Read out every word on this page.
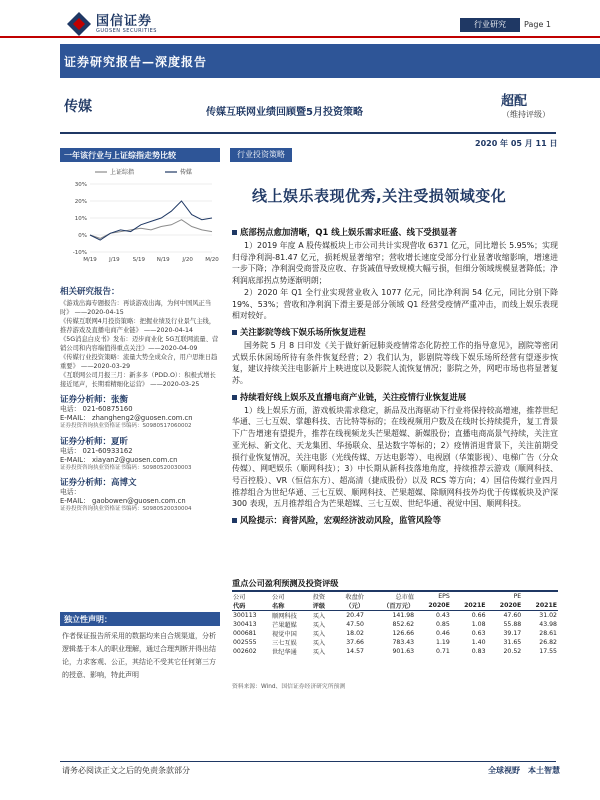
国信证券
GUOSEN SECURITIES
行业研究	Page 1
证券研究报告—深度报告
传媒	传媒互联网业绩回顾暨5月投资策略
超配
（维持评级）
2020 年 05 月 11 日
一年该行业与上证综指走势比较	行业投资策略
上证综指	传媒
30%
20%
10%
0%
-10%
M/19 J/19 S/19 N/19 J/20 M/20
线上娱乐表现优秀,关注受损领域变化
底部拐点愈加清晰，Q1 线上娱乐需求旺盛、线下受损显著

1）2019 年度 A 股传媒板块上市公司共计实现营收 6371 亿元，同比增长 5.95%；实现归母净利润-81.47 亿元，损耗规显著缩窄；营收增长速度受部分行业显著收缩影响，增速进一步下降；净利润受商誉及应收、存货减值导致规模大幅亏损，但细分领域规模显著降低；净利润底部拐点势逐渐明朗；

2）2020 年 Q1 全行业实现营业收入 1077 亿元，同比净利润 54 亿元，同比分别下降 19%、53%；营收和净利润下滑主要是部分领域 Q1 经营受疫情严重冲击，而线上娱乐表现相对较好。

关注影院等线下娱乐场所恢复进程

国务院 5 月 8 日印发《关于做好新冠肺炎疫情常态化防控工作的指导意见》，剧院等密闭式娱乐休闲场所待有条件恢复经营；2）我们认为，影剧院等线下娱乐场所经营有望逐步恢复，建议持续关注电影新片上映进度以及影院人流恢复情况；影院之外，网吧市场也将显著复苏。

持续看好线上娱乐及直播电商产业链，关注疫情行业恢复进展

1）线上娱乐方面，游戏板块需求稳定，新品及出海驱动下行业将保持较高增速，推荐世纪华通、三七互娱、掌趣科技、吉比特等标的；在线视频用户数及在线时长持续提升，复工背景下广告增速有望提升，推荐在线视频龙头芒果超媒、新媒股份；直播电商高景气持续，关注宣亚光标、新文化、天龙集团、华扬联众、星达数字等标的；2）疫情消退背景下，关注前期受损行业恢复情况，关注电影（光线传媒、万达电影等）、电视剧（华策影视）、电梯广告（分众传媒）、网吧娱乐（顺网科技）；3）中长期从新科技落地角度，持续推荐云游戏（顺网科技、号百控股）、VR（恒信东方）、超高清（捷成股份）以及 RCS 等方向；4）国信传媒行业四月推荐组合为世纪华通、三七互娱、顺网科技、芒果超媒、除顺网科技外均优于传媒板块及沪深 300 表现，五月推荐组合为芒果超媒、三七互娱、世纪华通、视觉中国、顺网科技。

风险提示：商誉风险，宏观经济波动风险，监管风险等
相关研究报告：
《游戏出海专题报告：再谈游戏出海，为何中国风正当时》 ——2020-04-15
《传媒互联网4月投资策略：把握业绩及行业景气主线，推荐游戏及直播电商产业链》 ——2020-04-14
《5G消息白皮书》发布：迈步商业化 5G互联网流量、营销公司和内容端值得重点关注》——2020-04-09
《传媒行业投资策略：流量大势全成众合，用户思维日趋重要》 ——2020-03-29
《互联网公司月报三月：新多多（PDD.O）：积极式增长接近尾声，长期看精细化运营》 ——2020-03-25
证券分析师：张衡
电话： 021-60875160
E-MAIL： zhangheng2@guosen.com.cn
证券投资咨询执业资格证书编码：S0980517060002
证券分析师：夏昕
电话： 021-60933162
E-MAIL： xiayan2@guosen.com.cn
证券投资咨询执业资格证书编码：S0980520030003
证券分析师：高博文
电话：
E-MAIL： gaobowen@guosen.com.cn
证券投资咨询执业资格证书编码：S0980520030004
独立性声明：
作者保证报告所采用的数据均来自合规渠道，分析逻辑基于本人的职业理解，通过合理判断并得出结论，力求客观、公正，其结论不受其它任何第三方的授意、影响，特此声明
重点公司盈利预测及投资评级
公司	公司	投资	收盘价	总市值	EPS		PE	
代码	名称	评级	（元）	（百万元）	2020E	2021E	2020E	2021E
300113	顺网科技	买入	20.47	141.98	0.43	0.66	47.60	31.02
300413	芒果超媒	买入	47.50	852.62	0.85	1.08	55.88	43.98
000681	视觉中国	买入	18.02	126.66	0.46	0.63	39.17	28.61
002555	三七互娱	买入	37.66	783.43	1.19	1.40	31.65	26.82
002602	世纪华通	买入	14.57	901.63	0.71	0.83	20.52	17.55
资料来源：Wind、国信证券经济研究所预测
请务必阅读正文之后的免责条款部分	全球视野　本土智慧
